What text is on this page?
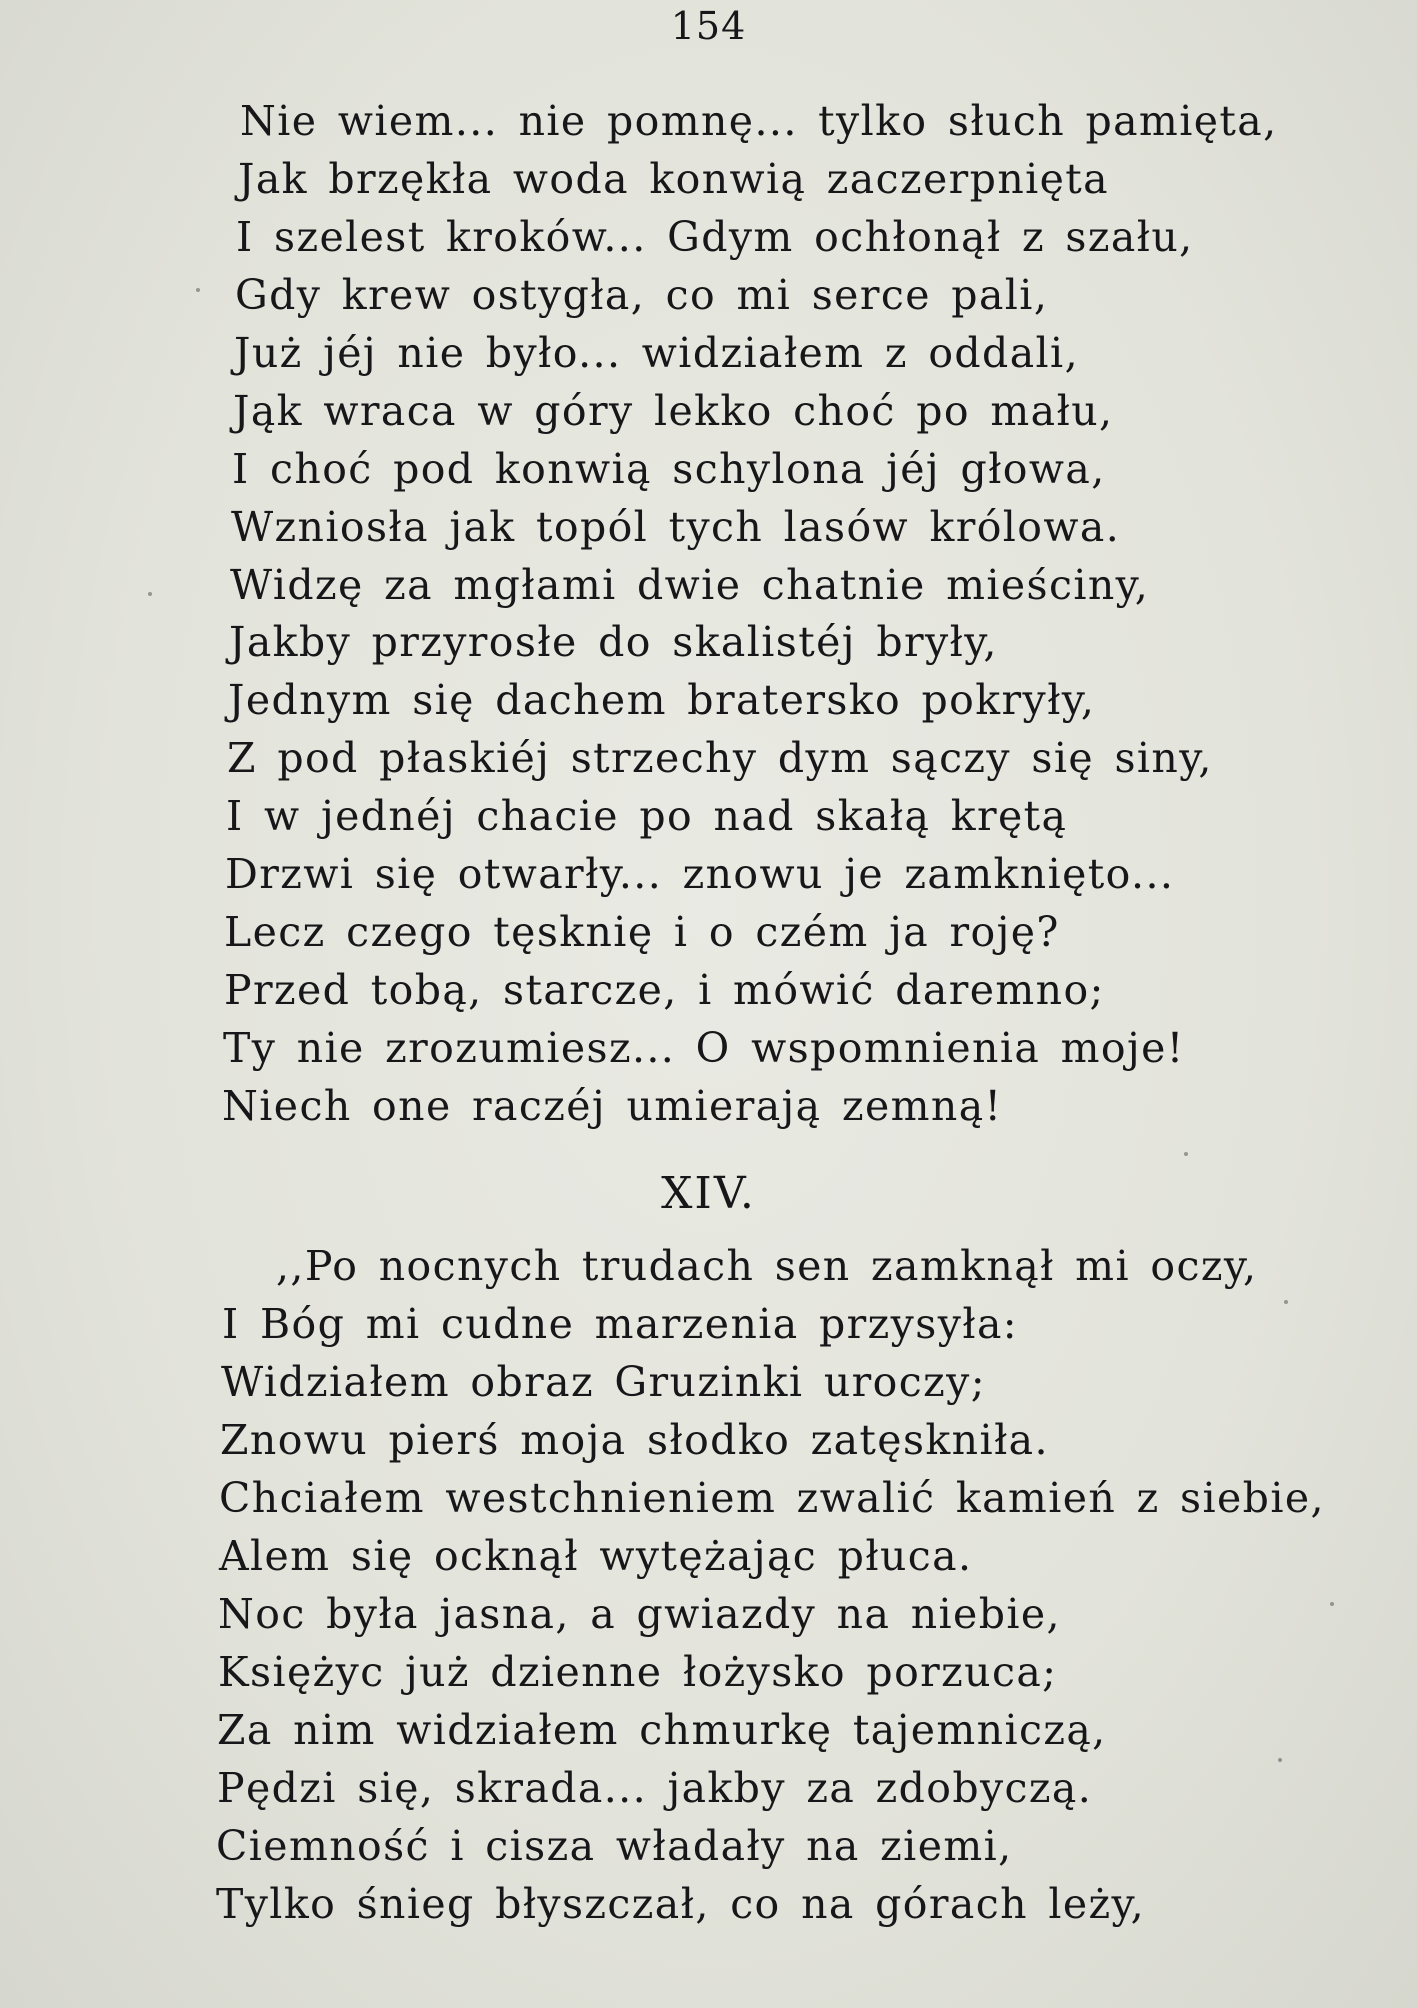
154
Nie wiem... nie pomnę... tylko słuch pamięta,
Jak brzękła woda konwią zaczerpnięta
I szelest kroków... Gdym ochłonął z szału,
Gdy krew ostygła, co mi serce pali,
Już jéj nie było... widziałem z oddali,
Jąk wraca w góry lekko choć po mału,
I choć pod konwią schylona jéj głowa,
Wzniosła jak topól tych lasów królowa.
Widzę za mgłami dwie chatnie mieściny,
Jakby przyrosłe do skalistéj bryły,
Jednym się dachem bratersko pokryły,
Z pod płaskiéj strzechy dym sączy się siny,
I w jednéj chacie po nad skałą krętą
Drzwi się otwarły... znowu je zamknięto...
Lecz czego tęsknię i o czém ja roję?
Przed tobą, starcze, i mówić daremno;
Ty nie zrozumiesz... O wspomnienia moje!
Niech one raczéj umierają zemną!
XIV.
,,Po nocnych trudach sen zamknął mi oczy,
I Bóg mi cudne marzenia przysyła:
Widziałem obraz Gruzinki uroczy;
Znowu pierś moja słodko zatęskniła.
Chciałem westchnieniem zwalić kamień z siebie,
Alem się ocknął wytężając płuca.
Noc była jasna, a gwiazdy na niebie,
Księżyc już dzienne łożysko porzuca;
Za nim widziałem chmurkę tajemniczą,
Pędzi się, skrada... jakby za zdobyczą.
Ciemność i cisza władały na ziemi,
Tylko śnieg błyszczał, co na górach leży,
